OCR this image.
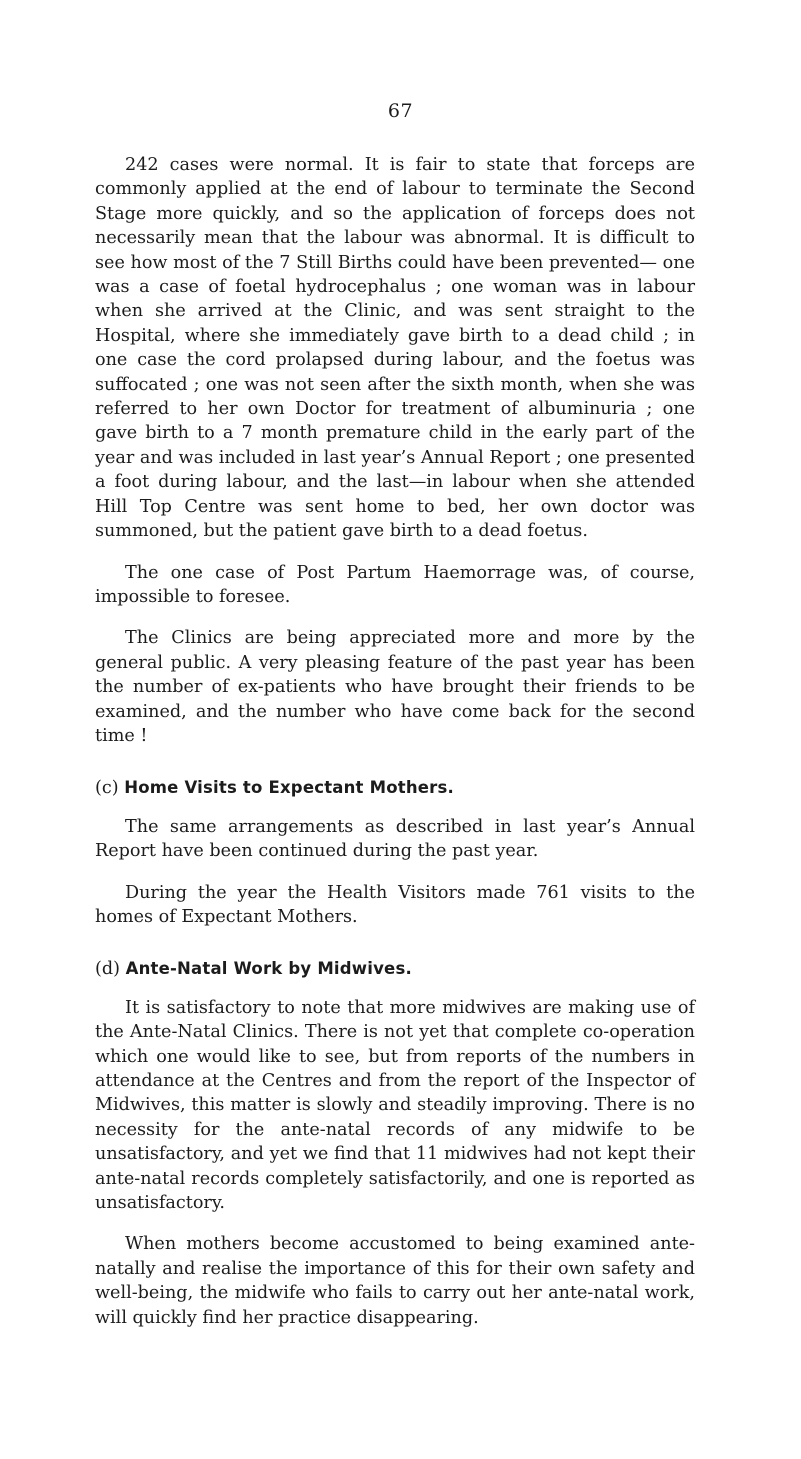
67

242 cases were normal. It is fair to state that forceps are commonly applied at the end of labour to terminate the Second Stage more quickly, and so the application of forceps does not necessarily mean that the labour was abnormal. It is difficult to see how most of the 7 Still Births could have been prevented— one was a case of foetal hydrocephalus ; one woman was in labour when she arrived at the Clinic, and was sent straight to the Hospital, where she immediately gave birth to a dead child ; in one case the cord prolapsed during labour, and the foetus was suffocated ; one was not seen after the sixth month, when she was referred to her own Doctor for treatment of albuminuria ; one gave birth to a 7 month premature child in the early part of the year and was included in last year’s Annual Report ; one presented a foot during labour, and the last—in labour when she attended Hill Top Centre was sent home to bed, her own doctor was summoned, but the patient gave birth to a dead foetus.

The one case of Post Partum Haemorrage was, of course, impossible to foresee.

The Clinics are being appreciated more and more by the general public. A very pleasing feature of the past year has been the number of ex-patients who have brought their friends to be examined, and the number who have come back for the second time !

(c) Home Visits to Expectant Mothers.

The same arrangements as described in last year’s Annual Report have been continued during the past year.

During the year the Health Visitors made 761 visits to the homes of Expectant Mothers.

(d) Ante-Natal Work by Midwives.

It is satisfactory to note that more midwives are making use of the Ante-Natal Clinics. There is not yet that complete co-operation which one would like to see, but from reports of the numbers in attendance at the Centres and from the report of the Inspector of Midwives, this matter is slowly and steadily improving. There is no necessity for the ante-natal records of any midwife to be unsatisfactory, and yet we find that 11 midwives had not kept their ante-natal records completely satisfactorily, and one is reported as unsatisfactory.

When mothers become accustomed to being examined ante-natally and realise the importance of this for their own safety and well-being, the midwife who fails to carry out her ante-natal work, will quickly find her practice disappearing.
